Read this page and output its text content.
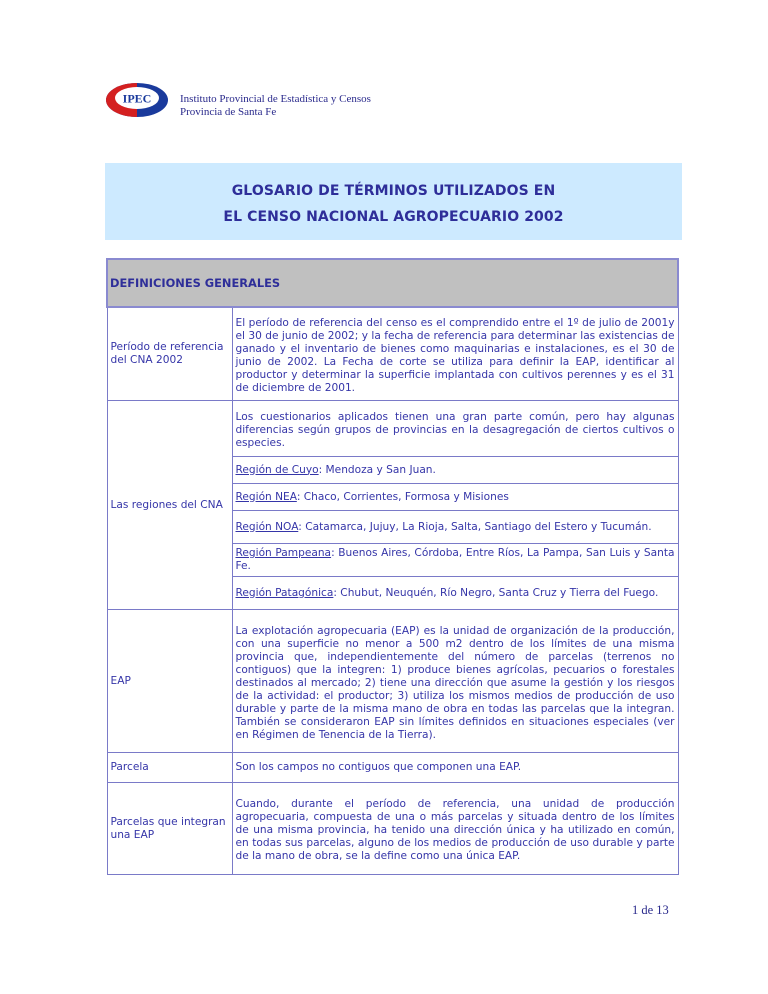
IPEC	Instituto Provincial de Estadística y Censos
Provincia de Santa Fe
GLOSARIO DE TÉRMINOS UTILIZADOS EN
EL CENSO NACIONAL AGROPECUARIO 2002
DEFINICIONES GENERALES	
Período de referencia del CNA 2002	El período de referencia del censo es el comprendido entre el 1º de julio de 2001y el 30 de junio de 2002; y la fecha de referencia para determinar las existencias de ganado y el inventario de bienes como maquinarias e instalaciones, es el 30 de junio de 2002. La Fecha de corte se utiliza para definir la EAP, identificar al productor y determinar la superficie implantada con cultivos perennes y es el 31 de diciembre de 2001.
Las regiones del CNA	Los cuestionarios aplicados tienen una gran parte común, pero hay algunas diferencias según grupos de provincias en la desagregación de ciertos cultivos o especies.
	Región de Cuyo: Mendoza y San Juan.
	Región NEA: Chaco, Corrientes, Formosa y Misiones
	Región NOA: Catamarca, Jujuy, La Rioja, Salta, Santiago del Estero y Tucumán.
	Región Pampeana: Buenos Aires, Córdoba, Entre Ríos, La Pampa, San Luis y Santa Fe.
	Región Patagónica: Chubut, Neuquén, Río Negro, Santa Cruz y Tierra del Fuego.
EAP	La explotación agropecuaria (EAP) es la unidad de organización de la producción, con una superficie no menor a 500 m2 dentro de los límites de una misma provincia que, independientemente del número de parcelas (terrenos no contiguos) que la integren: 1) produce bienes agrícolas, pecuarios o forestales destinados al mercado; 2) tiene una dirección que asume la gestión y los riesgos de la actividad: el productor; 3) utiliza los mismos medios de producción de uso durable y parte de la misma mano de obra en todas las parcelas que la integran. También se consideraron EAP sin límites definidos en situaciones especiales (ver en Régimen de Tenencia de la Tierra).
Parcela	Son los campos no contiguos que componen una EAP.
Parcelas que integran una EAP	Cuando, durante el período de referencia, una unidad de producción agropecuaria, compuesta de una o más parcelas y situada dentro de los límites de una misma provincia, ha tenido una dirección única y ha utilizado en común, en todas sus parcelas, alguno de los medios de producción de uso durable y parte de la mano de obra, se la define como una única EAP.
1 de 13
